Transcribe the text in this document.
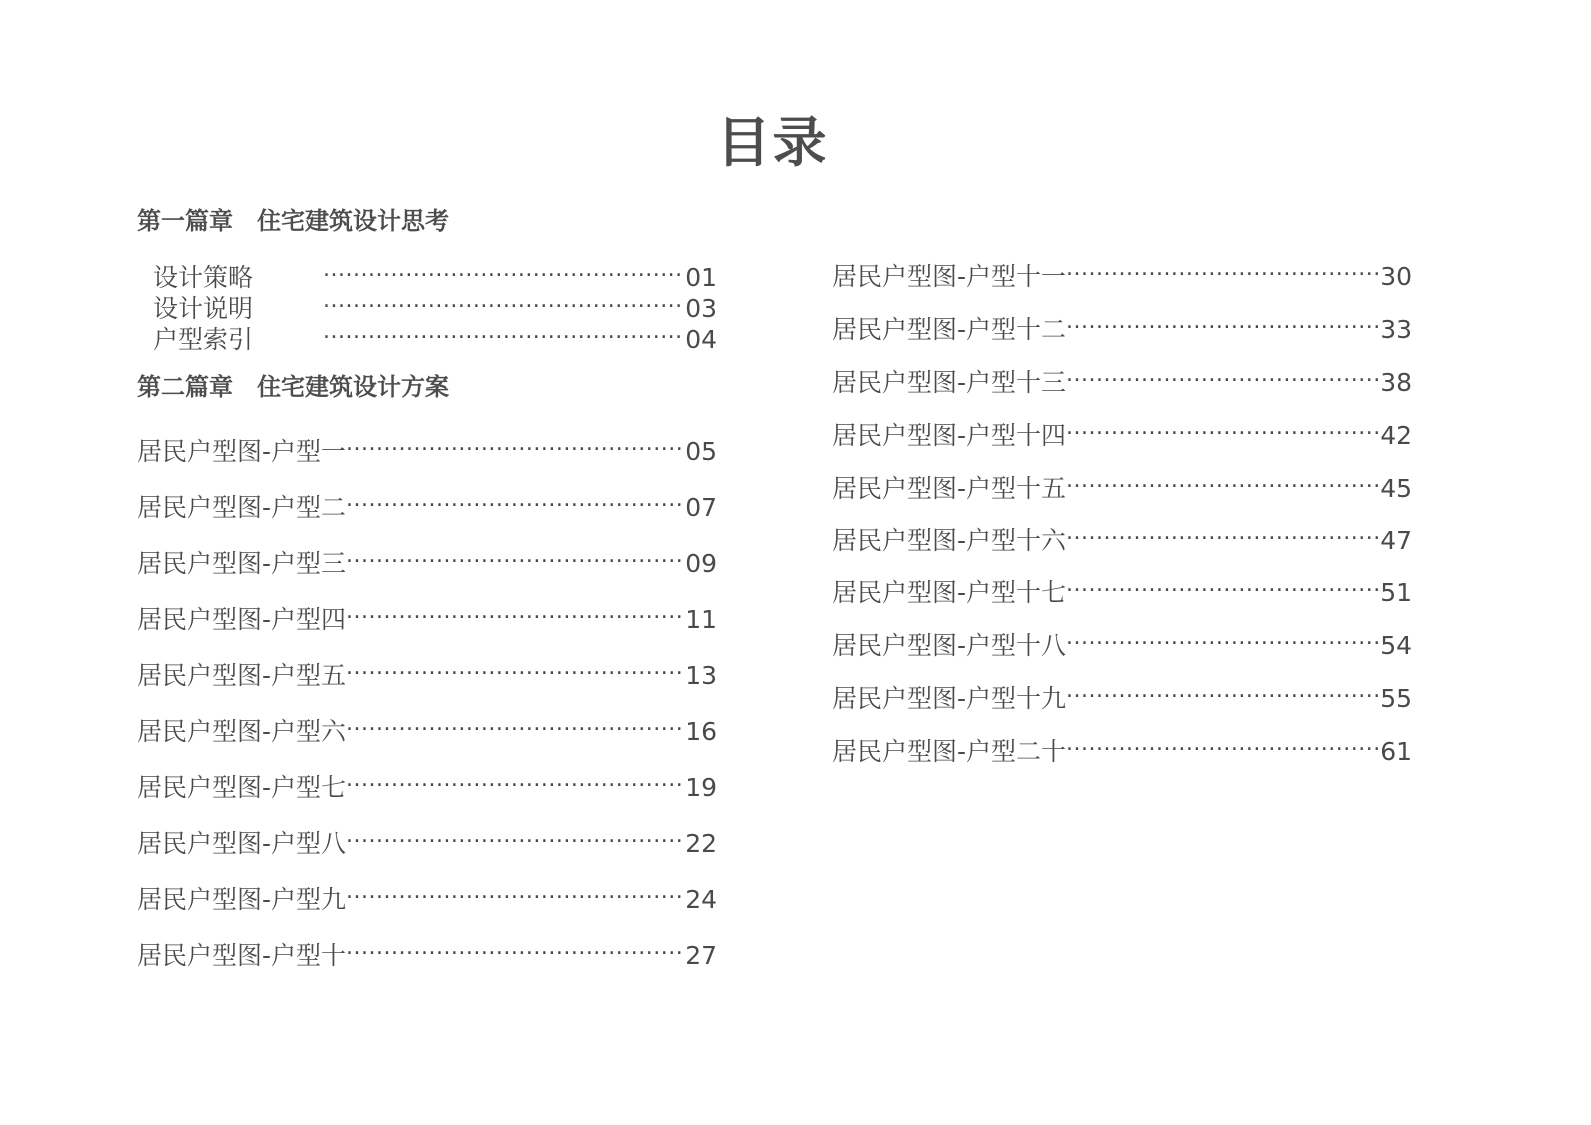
目录
第一篇章　住宅建筑设计思考
设计策略 .....	01
设计说明 .....	03
户型索引 .....	04
第二篇章　住宅建筑设计方案
居民户型图-户型一 .....	05
居民户型图-户型二 .....	07
居民户型图-户型三 .....	09
居民户型图-户型四 .....	11
居民户型图-户型五 .....	13
居民户型图-户型六 .....	16
居民户型图-户型七 .....	19
居民户型图-户型八 .....	22
居民户型图-户型九 .....	24
居民户型图-户型十 .....	27
居民户型图-户型十一 .....	30
居民户型图-户型十二 .....	33
居民户型图-户型十三 .....	38
居民户型图-户型十四 .....	42
居民户型图-户型十五 .....	45
居民户型图-户型十六 .....	47
居民户型图-户型十七 .....	51
居民户型图-户型十八 .....	54
居民户型图-户型十九 .....	55
居民户型图-户型二十 .....	61
